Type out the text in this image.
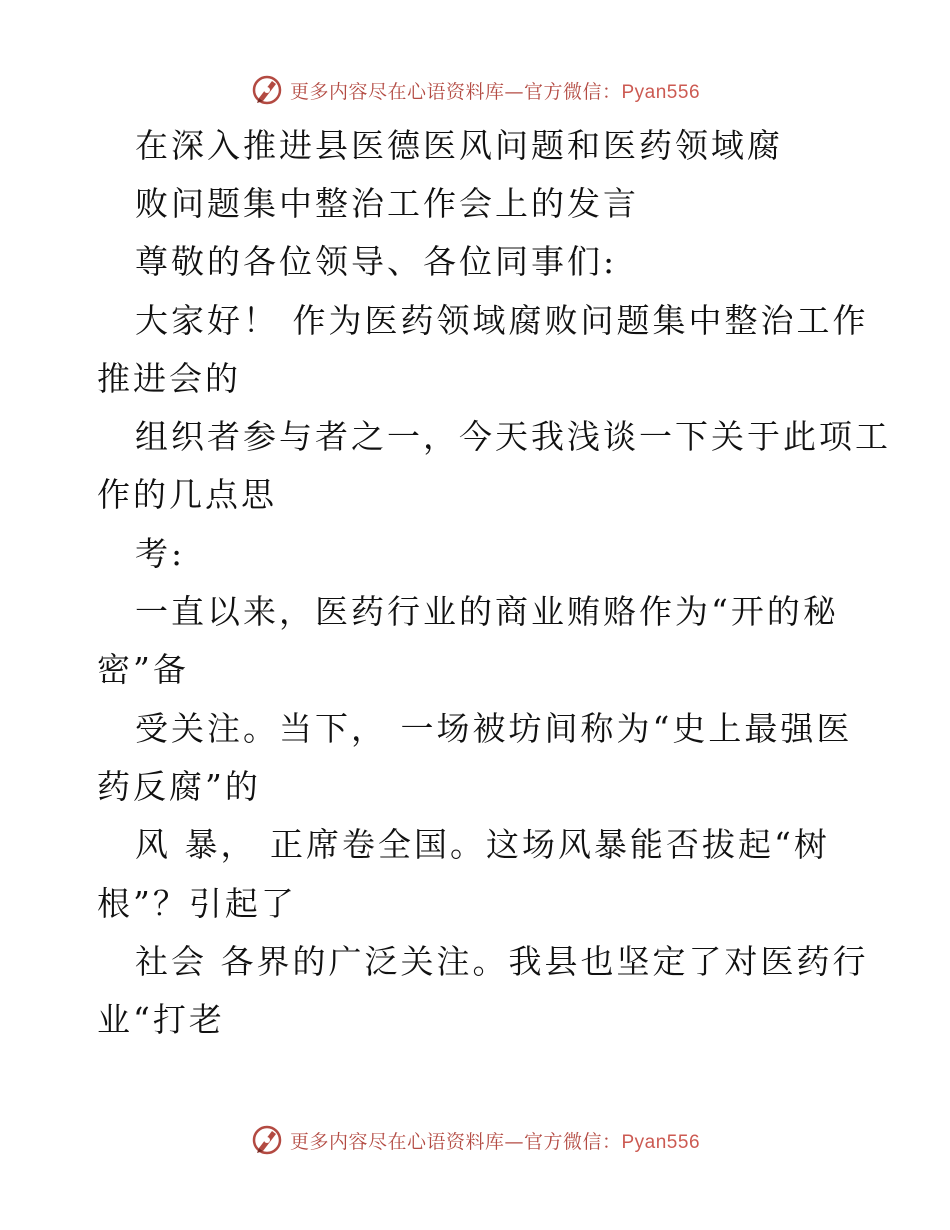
更多内容尽在心语资料库—官方微信：Pyan556
在深入推进县医德医风问题和医药领域腐
败问题集中整治工作会上的发言
尊敬的各位领导、各位同事们:
大家好！ 作为医药领域腐败问题集中整治工作
推进会的
组织者参与者之一，今天我浅谈一下关于此项工
作的几点思
考:
一直以来，医药行业的商业贿赂作为“开的秘
密”备
受关注。当下， 一场被坊间称为“史上最强医
药反腐”的
风 暴， 正席卷全国。这场风暴能否拔起“树
根”？引起了
社会 各界的广泛关注。我县也坚定了对医药行
业“打老
更多内容尽在心语资料库—官方微信：Pyan556
